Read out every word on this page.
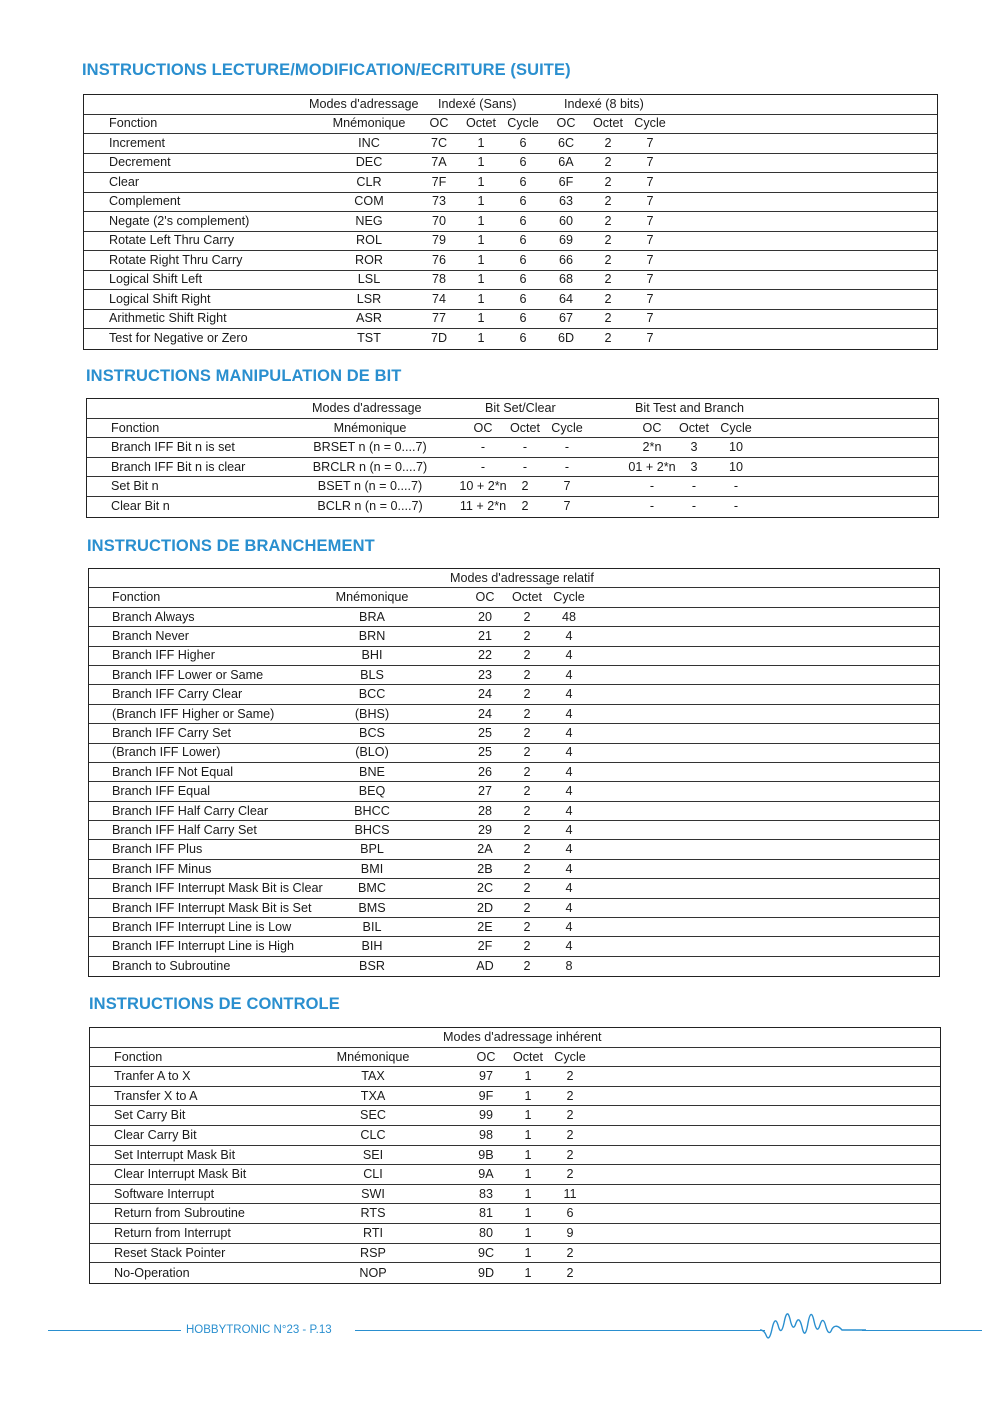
INSTRUCTIONS LECTURE/MODIFICATION/ECRITURE (SUITE)
Modes d'adressage Indexé (Sans)	Indexé (8 bits)
Fonction	Mnémonique OC Octet Cycle OC Octet Cycle
Increment	INC	7C 1	6 6C 2	7
Decrement	DEC	7A 1	6	6A 2	7
Clear	CLR	7F 1	6	6F 2	7
Complement	COM	73 1	6	63 2	7
Negate (2's complement)	NEG	70 1	6	60 2	7
Rotate Left Thru Carry	ROL	79 1	6	69 2	7
Rotate Right Thru Carry	ROR	76 1	6	66 2	7
Logical Shift Left	LSL	78 1	6	68 2	7
Logical Shift Right	LSR	74 1	6	64 2	7
Arithmetic Shift Right	ASR	77 1	6	67 2	7
Test for Negative or Zero	TST	7D 1	6 6D 2	7
INSTRUCTIONS MANIPULATION DE BIT
Modes d'adressage	Bit Set/Clear	Bit Test and Branch
Fonction	Mnémonique	OC Octet Cycle	OC Octet Cycle
Branch IFF Bit n is set	BRSET n (n = 0....7)	-	-	-	2*n 3 10
Branch IFF Bit n is clear	BRCLR n (n = 0....7)	-	-	-	01 + 2*n 3 10
Set Bit n	BSET n (n = 0....7)	10 + 2*n 2	7	-	-	-
Clear Bit n	BCLR n (n = 0....7)	11 + 2*n 2	7	-	-	-
INSTRUCTIONS DE BRANCHEMENT
Modes d'adressage relatif
Fonction	Mnémonique	OC Octet Cycle
Branch Always	BRA	20 2 48
Branch Never	BRN	21 2	4
Branch IFF Higher	BHI	22 2	4
Branch IFF Lower or Same	BLS	23 2	4
Branch IFF Carry Clear	BCC	24 2	4
(Branch IFF Higher or Same)	(BHS)	24 2	4
Branch IFF Carry Set	BCS	25 2	4
(Branch IFF Lower)	(BLO)	25 2	4
Branch IFF Not Equal	BNE	26 2	4
Branch IFF Equal	BEQ	27 2	4
Branch IFF Half Carry Clear	BHCC	28 2	4
Branch IFF Half Carry Set	BHCS	29 2	4
Branch IFF Plus	BPL	2A 2	4
Branch IFF Minus	BMI	2B 2	4
Branch IFF Interrupt Mask Bit is Clear	BMC	2C 2	4
Branch IFF Interrupt Mask Bit is Set	BMS	2D 2	4
Branch IFF Interrupt Line is Low	BIL	2E 2	4
Branch IFF Interrupt Line is High	BIH	2F 2	4
Branch to Subroutine	BSR	AD 2	8
INSTRUCTIONS DE CONTROLE
Modes d'adressage inhérent
Fonction	Mnémonique	OC Octet Cycle
Tranfer A to X	TAX	97 1	2
Transfer X to A	TXA	9F 1	2
Set Carry Bit	SEC	99 1	2
Clear Carry Bit	CLC	98 1	2
Set Interrupt Mask Bit	SEI	9B 1	2
Clear Interrupt Mask Bit	CLI	9A 1	2
Software Interrupt	SWI	83 1	11
Return from Subroutine	RTS	81 1	6
Return from Interrupt	RTI	80 1	9
Reset Stack Pointer	RSP	9C 1	2
No-Operation	NOP	9D 1	2
HOBBYTRONIC N°23 - P.13
